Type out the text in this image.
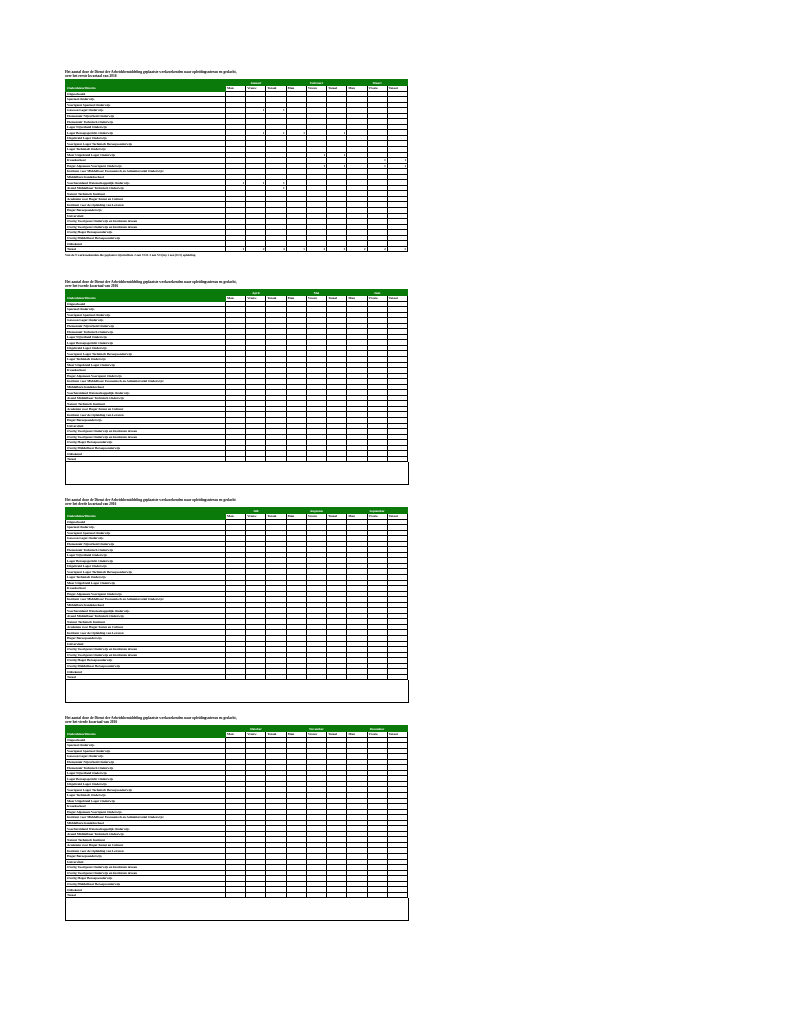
Het aantal door de Dienst der Arbeidsbemiddeling geplaatste werkzoekenden naar opleidingsniveau en geslacht,
over het eerste kwartaal van 2016
	Januari			Februari			Maart		
Onderdelen/Directie	Man	Vrouw	Totaal	Man	Vrouw	Totaal	Man	Vrouw	Totaal
Ongeschoold									
Speciaal Onderwijs									
Voortgezet Speciaal Onderwijs									
Gewoon Lager Onderwijs		1	1						
Elementair Nijverheid Onderwijs									
Elementair Technisch Onderwijs									
Lager Nijverheid Onderwijs									
Lager Beroepsgericht Onderwijs		1	1	1		1			
Uitgebreid Lager Onderwijs									
Voortgezet Lager Technisch Beroepsonderwijs									
Lager Technisch Onderwijs									
Meer Uitgebreid Lager Onderwijs					1	1			
Kweekschool								1	1
Hoger Algemeen Voortgezet Onderwijs					1	1		1	1
Instituut voor Middelbaar Economisch en Administratief Onderwijs/									
Middelbare handelsschool									
Voorbereidend Wetenschappelijk Onderwijs	1	1	1						
Avond Middelbaar Technisch Onderwijs			1						
Natuur Technisch Instituut									
Academie voor Hoger Kunst en Cultuur									
Instituut voor de Opleiding van Leraren									
Hoger Beroepsonderwijs									
Universiteit									
Overig Voortgezet Onderwijs en Instituten niveau									
Overig Voortgezet Onderwijs en Instituten niveau									
Overig Hoger Beroepsonderwijs									
Overig Middelbaar Beroepsonderwijs									
Onbekend									
Totaal	1	2	4	1	2	3	2	2	2
Van de 9 werkzoekenden die geplaatst zijn hebben 2 een VOL 3 een VO(m) 1 een (D.5) opleiding.
Het aantal door de Dienst der Arbeidsbemiddeling geplaatste werkzoekenden naar opleidingsniveau en geslacht,
over het tweede kwartaal van 2016
	April			Mei			Juni		
Onderdelen/Directie	Man	Vrouw	Totaal	Man	Vrouw	Totaal	Man	Vrouw	Totaal
Ongeschoold									
Speciaal Onderwijs									
Voortgezet Speciaal Onderwijs									
Gewoon Lager Onderwijs									
Elementair Nijverheid Onderwijs									
Elementair Technisch Onderwijs									
Lager Nijverheid Onderwijs									
Lager Beroepsgericht Onderwijs									
Uitgebreid Lager Onderwijs									
Voortgezet Lager Technisch Beroepsonderwijs									
Lager Technisch Onderwijs									
Meer Uitgebreid Lager Onderwijs									
Kweekschool									
Hoger Algemeen Voortgezet Onderwijs									
Instituut voor Middelbaar Economisch en Administratief Onderwijs/									
Middelbare handelsschool									
Voorbereidend Wetenschappelijk Onderwijs									
Avond Middelbaar Technisch Onderwijs									
Natuur Technisch Instituut									
Academie voor Hoger Kunst en Cultuur									
Instituut voor de Opleiding van Leraren									
Hoger Beroepsonderwijs									
Universiteit									
Overig Voortgezet Onderwijs en Instituten niveau									
Overig Voortgezet Onderwijs en Instituten niveau									
Overig Hoger Beroepsonderwijs									
Overig Middelbaar Beroepsonderwijs									
Onbekend									
Totaal									
Het aantal door de Dienst der Arbeidsbemiddeling geplaatste werkzoekenden naar opleidingsniveau en geslacht
over het derde kwartaal van 2016
	Juli			Augustus			September		
Onderdelen/Directie	Man	Vrouw	Totaal	Man	Vrouw	Totaal	Man	Vrouw	Totaal
Ongeschoold									
Speciaal Onderwijs									
Voortgezet Speciaal Onderwijs									
Gewoon Lager Onderwijs									
Elementair Nijverheid Onderwijs									
Elementair Technisch Onderwijs									
Lager Nijverheid Onderwijs									
Lager Beroepsgericht Onderwijs									
Uitgebreid Lager Onderwijs									
Voortgezet Lager Technisch Beroepsonderwijs									
Lager Technisch Onderwijs									
Meer Uitgebreid Lager Onderwijs									
Kweekschool									
Hoger Algemeen Voortgezet Onderwijs									
Instituut voor Middelbaar Economisch en Administratief Onderwijs/									
Middelbare handelsschool									
Voorbereidend Wetenschappelijk Onderwijs									
Avond Middelbaar Technisch Onderwijs									
Natuur Technisch Instituut									
Academie voor Hoger Kunst en Cultuur									
Instituut voor de Opleiding van Leraren									
Hoger Beroepsonderwijs									
Universiteit									
Overig Voortgezet Onderwijs en Instituten niveau									
Overig Voortgezet Onderwijs en Instituten niveau									
Overig Hoger Beroepsonderwijs									
Overig Middelbaar Beroepsonderwijs									
Onbekend									
Totaal									
Het aantal door de Dienst der Arbeidsbemiddeling geplaatste werkzoekenden naar opleidingsniveau en geslacht,
over het vierde kwartaal van 2016
	Oktober			November			December		
Onderdelen/Directie	Man	Vrouw	Totaal	Man	Vrouw	Totaal	Man	Vrouw	Totaal
Ongeschoold									
Speciaal Onderwijs									
Voortgezet Speciaal Onderwijs									
Gewoon Lager Onderwijs									
Elementair Nijverheid Onderwijs									
Elementair Technisch Onderwijs									
Lager Nijverheid Onderwijs									
Lager Beroepsgericht Onderwijs									
Uitgebreid Lager Onderwijs									
Voortgezet Lager Technisch Beroepsonderwijs									
Lager Technisch Onderwijs									
Meer Uitgebreid Lager Onderwijs									
Kweekschool									
Hoger Algemeen Voortgezet Onderwijs									
Instituut voor Middelbaar Economisch en Administratief Onderwijs/									
Middelbare handelsschool									
Voorbereidend Wetenschappelijk Onderwijs									
Avond Middelbaar Technisch Onderwijs									
Natuur Technisch Instituut									
Academie voor Hoger Kunst en Cultuur									
Instituut voor de Opleiding van Leraren									
Hoger Beroepsonderwijs									
Universiteit									
Overig Voortgezet Onderwijs en Instituten niveau									
Overig Voortgezet Onderwijs en Instituten niveau									
Overig Hoger Beroepsonderwijs									
Overig Middelbaar Beroepsonderwijs									
Onbekend									
Totaal									
